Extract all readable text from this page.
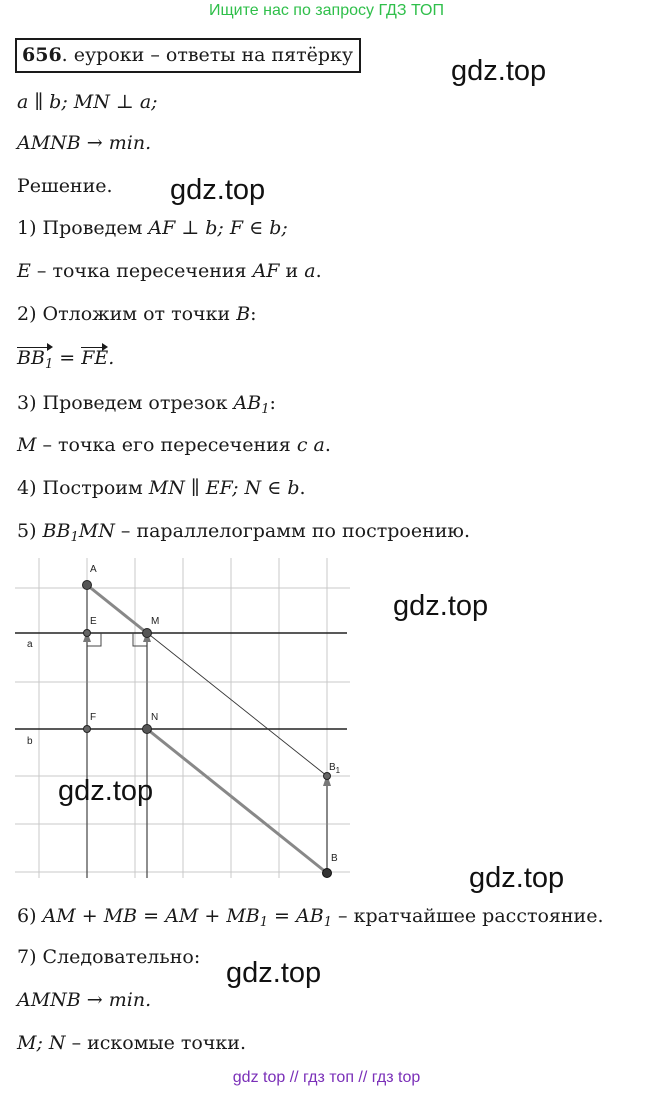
Ищите нас по запросу ГДЗ ТОП
656. еуроки – ответы на пятёрку	gdz.top
a ∥ b; MN ⊥ a;
AMNB → min.
Решение. gdz.top
1) Проведем AF ⊥ b; F ∈ b;
E – точка пересечения AF и a.
2) Отложим от точки B:
$BB_1$ = FE.
3) Проведем отрезок $AB_1$:
M – точка его пересечения с a.
4) Построим MN ∥ EF; N ∈ b.
5) $BB_1MN$ – параллелограмм по построению.
A
E	M
a
F	N
b
$B_1$
B
gdz.top
gdz.top
gdz.top
6) AM + MB = AM + $MB_1 = AB_1$ – кратчайшее расстояние.
7) Следовательно: gdz.top
AMNB → min.
M; N – искомые точки.
gdz top // гдз топ // гдз top
